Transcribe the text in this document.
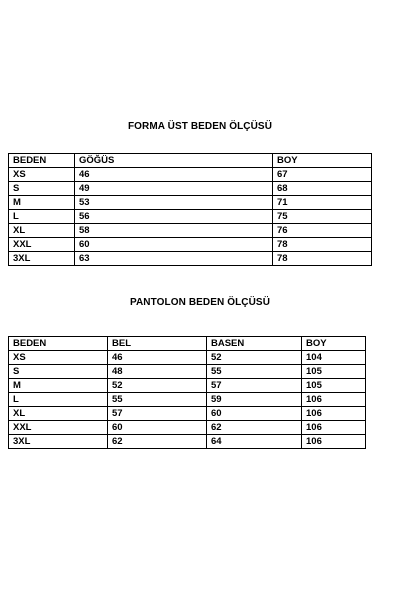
FORMA ÜST BEDEN ÖLÇÜSÜ
BEDEN	GÖĞÜS	BOY
XS	46	67
S	49	68
M	53	71
L	56	75
XL	58	76
XXL	60	78
3XL	63	78
PANTOLON BEDEN ÖLÇÜSÜ
BEDEN	BEL	BASEN	BOY
XS	46	52	104
S	48	55	105
M	52	57	105
L	55	59	106
XL	57	60	106
XXL	60	62	106
3XL	62	64	106
